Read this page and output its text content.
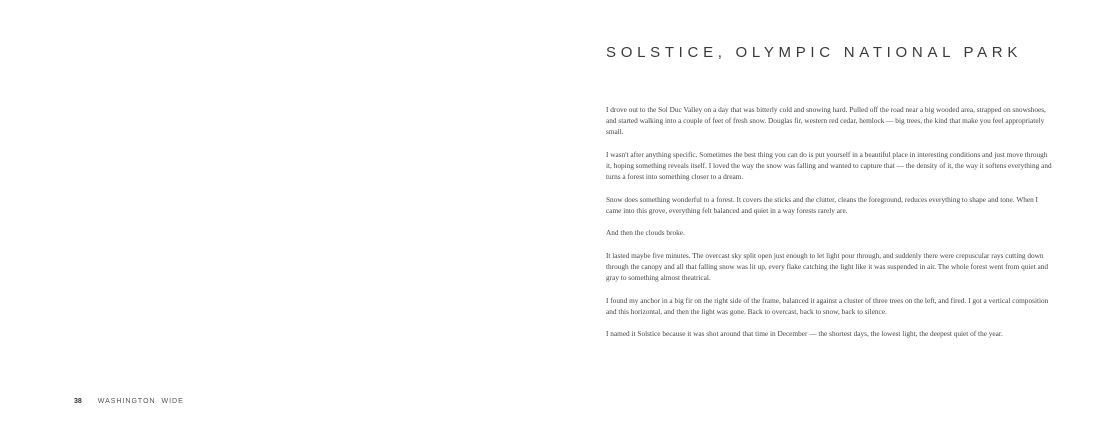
SOLSTICE, OLYMPIC NATIONAL PARK

I drove out to the Sol Duc Valley on a day that was bitterly cold and snowing hard. Pulled off the road near a big wooded area, strapped on snowshoes, and started walking into a couple of feet of fresh snow. Douglas fir, western red cedar, hemlock — big trees, the kind that make you feel appropriately small.

I wasn't after anything specific. Sometimes the best thing you can do is put yourself in a beautiful place in interesting conditions and just move through it, hoping something reveals itself. I loved the way the snow was falling and wanted to capture that — the density of it, the way it softens everything and turns a forest into something closer to a dream.

Snow does something wonderful to a forest. It covers the sticks and the clutter, cleans the foreground, reduces everything to shape and tone. When I came into this grove, everything felt balanced and quiet in a way forests rarely are.

And then the clouds broke.

It lasted maybe five minutes. The overcast sky split open just enough to let light pour through, and suddenly there were crepuscular rays cutting down through the canopy and all that falling snow was lit up, every flake catching the light like it was suspended in air. The whole forest went from quiet and gray to something almost theatrical.

I found my anchor in a big fir on the right side of the frame, balanced it against a cluster of three trees on the left, and fired. I got a vertical composition and this horizontal, and then the light was gone. Back to overcast, back to snow, back to silence.

I named it Solstice because it was shot around that time in December — the shortest days, the lowest light, the deepest quiet of the year.

38 WASHINGTON  WIDE
